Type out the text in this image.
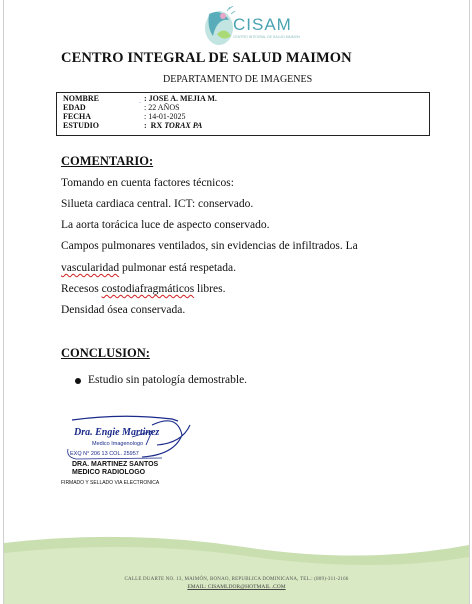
CISAM
CENTRO INTEGRAL DE SALUD MAIMON
CENTRO INTEGRAL DE SALUD MAIMON
DEPARTAMENTO DE IMAGENES
ᐧ
NOMBRE	: JOSE A. MEJIA M.
EDAD	: 22 AÑOS
FECHA	: 14-01-2025
ESTUDIO	:  RX TORAX PA
COMENTARIO:
Tomando en cuenta factores técnicos:
Silueta cardiaca central. ICT: conservado.
La aorta torácica luce de aspecto conservado.
Campos pulmonares ventilados, sin evidencias de infiltrados. La
vascularidad pulmonar está respetada.
Recesos costodiafragmáticos libres.
Densidad ósea conservada.
CONCLUSION:
Estudio sin patología demostrable.
Dra. Engie Martinez
Medico Imagenologo
EXQ N° 206 13 COL. 25957
DRA. MARTINEZ SANTOS
MEDICO RADIOLOGO
FIRMADO Y SELLADO VIA ELECTRONICA
CALLE DUARTE NO. 13, MAIMÓN, BONAO, REPUBLICA DOMINICANA, TEL.: (809)-311-2166
EMAIL: CISAMLDOR@HOTMAIL .COM
